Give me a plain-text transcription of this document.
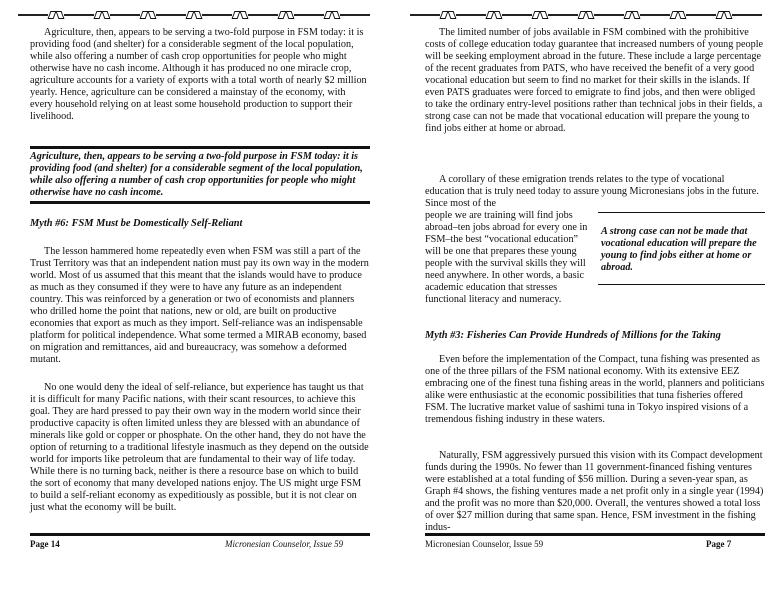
Agriculture, then, appears to be serving a two-fold purpose in FSM today: it is providing food (and shelter) for a considerable segment of the local population, while also offering a number of cash crop opportunities for people who might otherwise have no cash income. Although it has produced no one miracle crop, agriculture accounts for a variety of exports with a total worth of nearly $2 million yearly. Hence, agriculture can be considered a mainstay of the economy, with every household relying on at least some household production to support their livelihood.

Agriculture, then, appears to be serving a two-fold purpose in FSM today: it is providing food (and shelter) for a considerable segment of the local population, while also offering a number of cash crop opportunities for people who might otherwise have no cash income.
Myth #6: FSM Must be Domestically Self-Reliant

The lesson hammered home repeatedly even when FSM was still a part of the Trust Territory was that an independent nation must pay its own way in the modern world. Most of us assumed that this meant that the islands would have to produce as much as they consumed if they were to have any future as an independent country. This was reinforced by a generation or two of economists and planners who drilled home the point that nations, new or old, are built on productive economies that export as much as they import. Self-reliance was an indispensable platform for political independence. What some termed a MIRAB economy, based on migration and remittances, aid and bureaucracy, was somehow a deformed mutant.

No one would deny the ideal of self-reliance, but experience has taught us that it is difficult for many Pacific nations, with their scant resources, to achieve this goal. They are hard pressed to pay their own way in the modern world since their productive capacity is often limited unless they are blessed with an abundance of minerals like gold or copper or phosphate. On the other hand, they do not have the option of returning to a traditional lifestyle inasmuch as they depend on the outside world for imports like petroleum that are fundamental to their way of life today. While there is no turning back, neither is there a resource base on which to build the sort of economy that many developed nations enjoy. The US might urge FSM to build a self-reliant economy as expeditiously as possible, but it is not clear on just what the economy will be built.

Page 14	Micronesian Counselor, Issue 59

The limited number of jobs available in FSM combined with the prohibitive costs of college education today guarantee that increased numbers of young people will be seeking employment abroad in the future. These include a large percentage of the recent graduates from PATS, who have received the benefit of a very good vocational education but seem to find no market for their skills in the islands. If even PATS graduates were forced to emigrate to find jobs, and then were obliged to take the ordinary entry-level positions rather than technical jobs in their fields, a strong case can not be made that vocational education will prepare the young to find jobs either at home or abroad.

A corollary of these emigration trends relates to the type of vocational education that is truly need today to assure young Micronesians jobs in the future. Since most of the

people we are training will find jobs abroad–ten jobs abroad for every one in FSM–the best “vocational education” will be one that prepares these young people with the survival skills they will need anywhere. In other words, a basic academic education that stresses functional literacy and numeracy.

A strong case can not be made that vocational education will prepare the young to find jobs either at home or abroad.
Myth #3: Fisheries Can Provide Hundreds of Millions for the Taking

Even before the implementation of the Compact, tuna fishing was presented as one of the three pillars of the FSM national economy. With its extensive EEZ embracing one of the finest tuna fishing areas in the world, planners and politicians alike were enthusiastic at the economic possibilities that tuna fisheries offered FSM. The lucrative market value of sashimi tuna in Tokyo inspired visions of a tremendous fishing industry in these waters.

Naturally, FSM aggressively pursued this vision with its Compact development funds during the 1990s. No fewer than 11 government-financed fishing ventures were established at a total funding of $56 million. During a seven-year span, as Graph #4 shows, the fishing ventures made a net profit only in a single year (1994) and the profit was no more than $20,000. Overall, the ventures showed a total loss of over $27 million during that same span. Hence, FSM investment in the fishing indus-

Micronesian Counselor, Issue 59	Page 7
